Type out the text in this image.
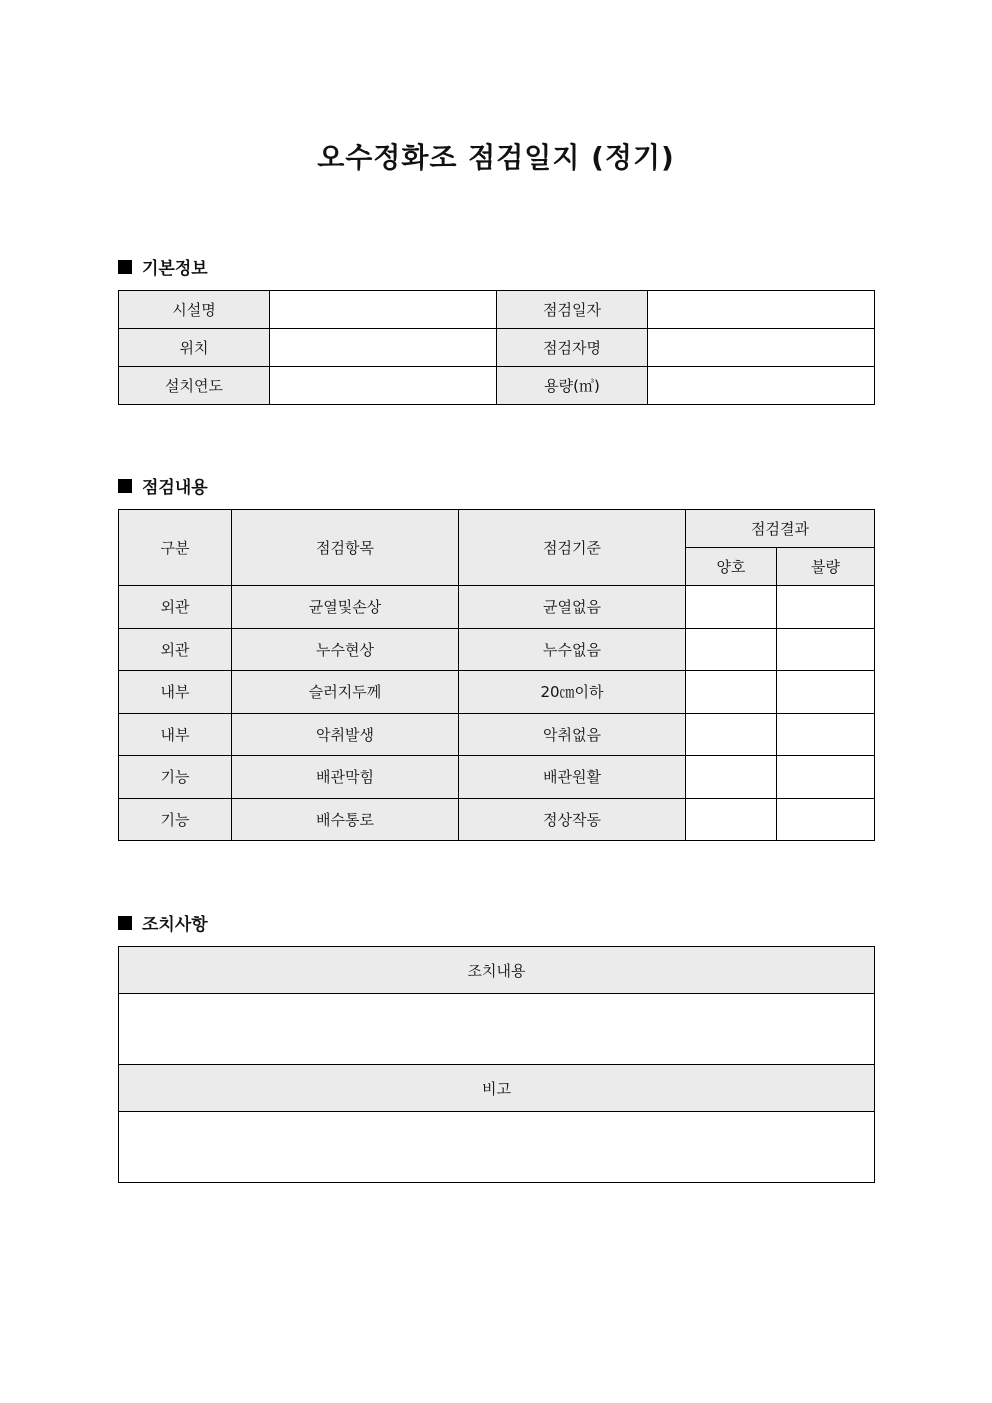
오수정화조 점검일지 (정기)
기본정보
시설명		점검일자	
위치		점검자명	
설치연도		용량(㎥)	
점검내용
구분	점검항목	점검기준	점검결과	
			양호	불량
외관	균열및손상	균열없음		
외관	누수현상	누수없음		
내부	슬러지두께	20㎝이하		
내부	악취발생	악취없음		
기능	배관막힘	배관원활		
기능	배수통로	정상작동		
조치사항
조치내용

비고
